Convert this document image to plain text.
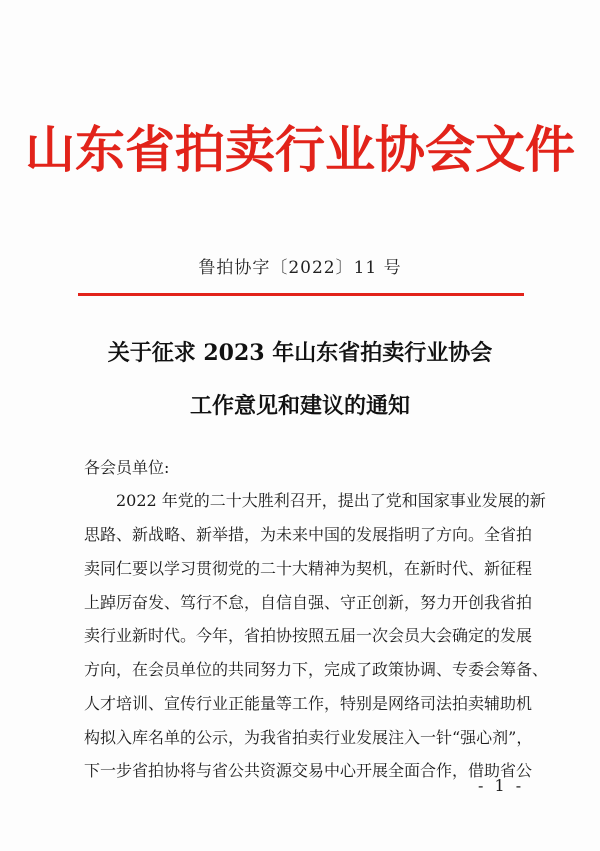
山东省拍卖行业协会文件
鲁拍协字〔2022〕11 号
关于征求 2023 年山东省拍卖行业协会
工作意见和建议的通知
各会员单位:
2022 年党的二十大胜利召开，提出了党和国家事业发展的新
思路、新战略、新举措，为未来中国的发展指明了方向。全省拍
卖同仁要以学习贯彻党的二十大精神为契机，在新时代、新征程
上踔厉奋发、笃行不怠，自信自强、守正创新，努力开创我省拍
卖行业新时代。今年，省拍协按照五届一次会员大会确定的发展
方向，在会员单位的共同努力下，完成了政策协调、专委会筹备、
人才培训、宣传行业正能量等工作，特别是网络司法拍卖辅助机
构拟入库名单的公示，为我省拍卖行业发展注入一针“强心剂”，
下一步省拍协将与省公共资源交易中心开展全面合作，借助省公
- 1 -
